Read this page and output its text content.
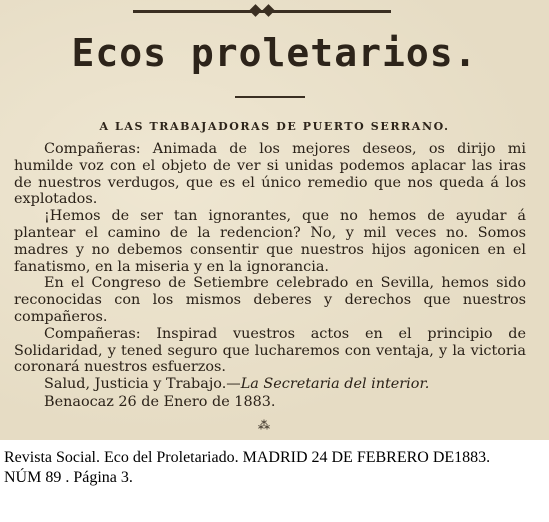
Ecos proletarios.
A LAS TRABAJADORAS DE PUERTO SERRANO.

Compañeras: Animada de los mejores deseos, os dirijo mi humilde voz con el objeto de ver si unidas podemos aplacar las iras de nuestros verdugos, que es el único remedio que nos queda á los explotados.

¡Hemos de ser tan ignorantes, que no hemos de ayudar á plantear el camino de la redencion? No, y mil veces no. Somos madres y no debemos consentir que nuestros hijos agonicen en el fanatismo, en la miseria y en la ignorancia.

En el Congreso de Setiembre celebrado en Sevilla, hemos sido reconocidas con los mismos deberes y derechos que nuestros compañeros.

Compañeras: Inspirad vuestros actos en el principio de Solidaridad, y tened seguro que lucharemos con ventaja, y la victoria coronará nuestros esfuerzos.

Salud, Justicia y Trabajo.—La Secretaria del interior.

Benaocaz 26 de Enero de 1883.

⁂
Revista Social. Eco del Proletariado. MADRID 24 DE FEBRERO DE1883.
NÚM 89 . Página 3.
